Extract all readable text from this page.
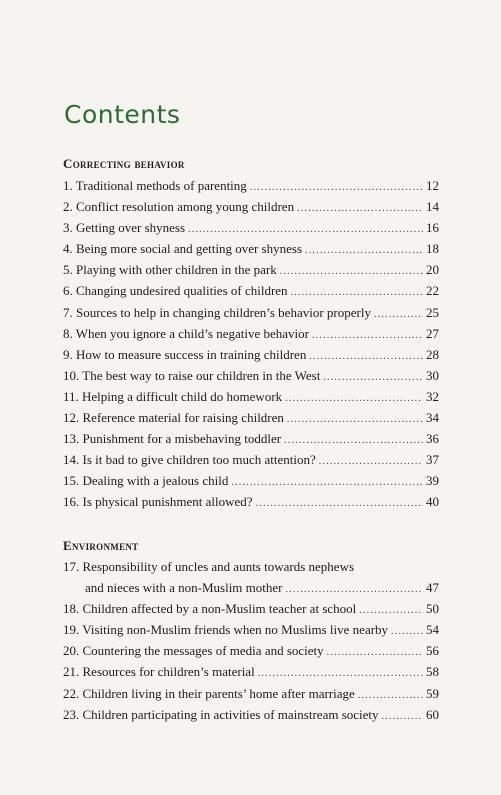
Contents
Correcting behavior
1. Traditional methods of parenting .....	12
2. Conflict resolution among young children .....	14
3. Getting over shyness .....	16
4. Being more social and getting over shyness .....	18
5. Playing with other children in the park .....	20
6. Changing undesired qualities of children .....	22
7. Sources to help in changing children’s behavior properly .....	25
8. When you ignore a child’s negative behavior .....	27
9. How to measure success in training children .....	28
10. The best way to raise our children in the West .....	30
11. Helping a difficult child do homework .....	32
12. Reference material for raising children .....	34
13. Punishment for a misbehaving toddler .....	36
14. Is it bad to give children too much attention? .....	37
15. Dealing with a jealous child .....	39
16. Is physical punishment allowed? .....	40
Environment
17. Responsibility of uncles and aunts towards nephews
and nieces with a non-Muslim mother .....	47
18. Children affected by a non-Muslim teacher at school .....	50
19. Visiting non-Muslim friends when no Muslims live nearby .....	54
20. Countering the messages of media and society .....	56
21. Resources for children’s material .....	58
22. Children living in their parents’ home after marriage .....	59
23. Children participating in activities of mainstream society .....	60
